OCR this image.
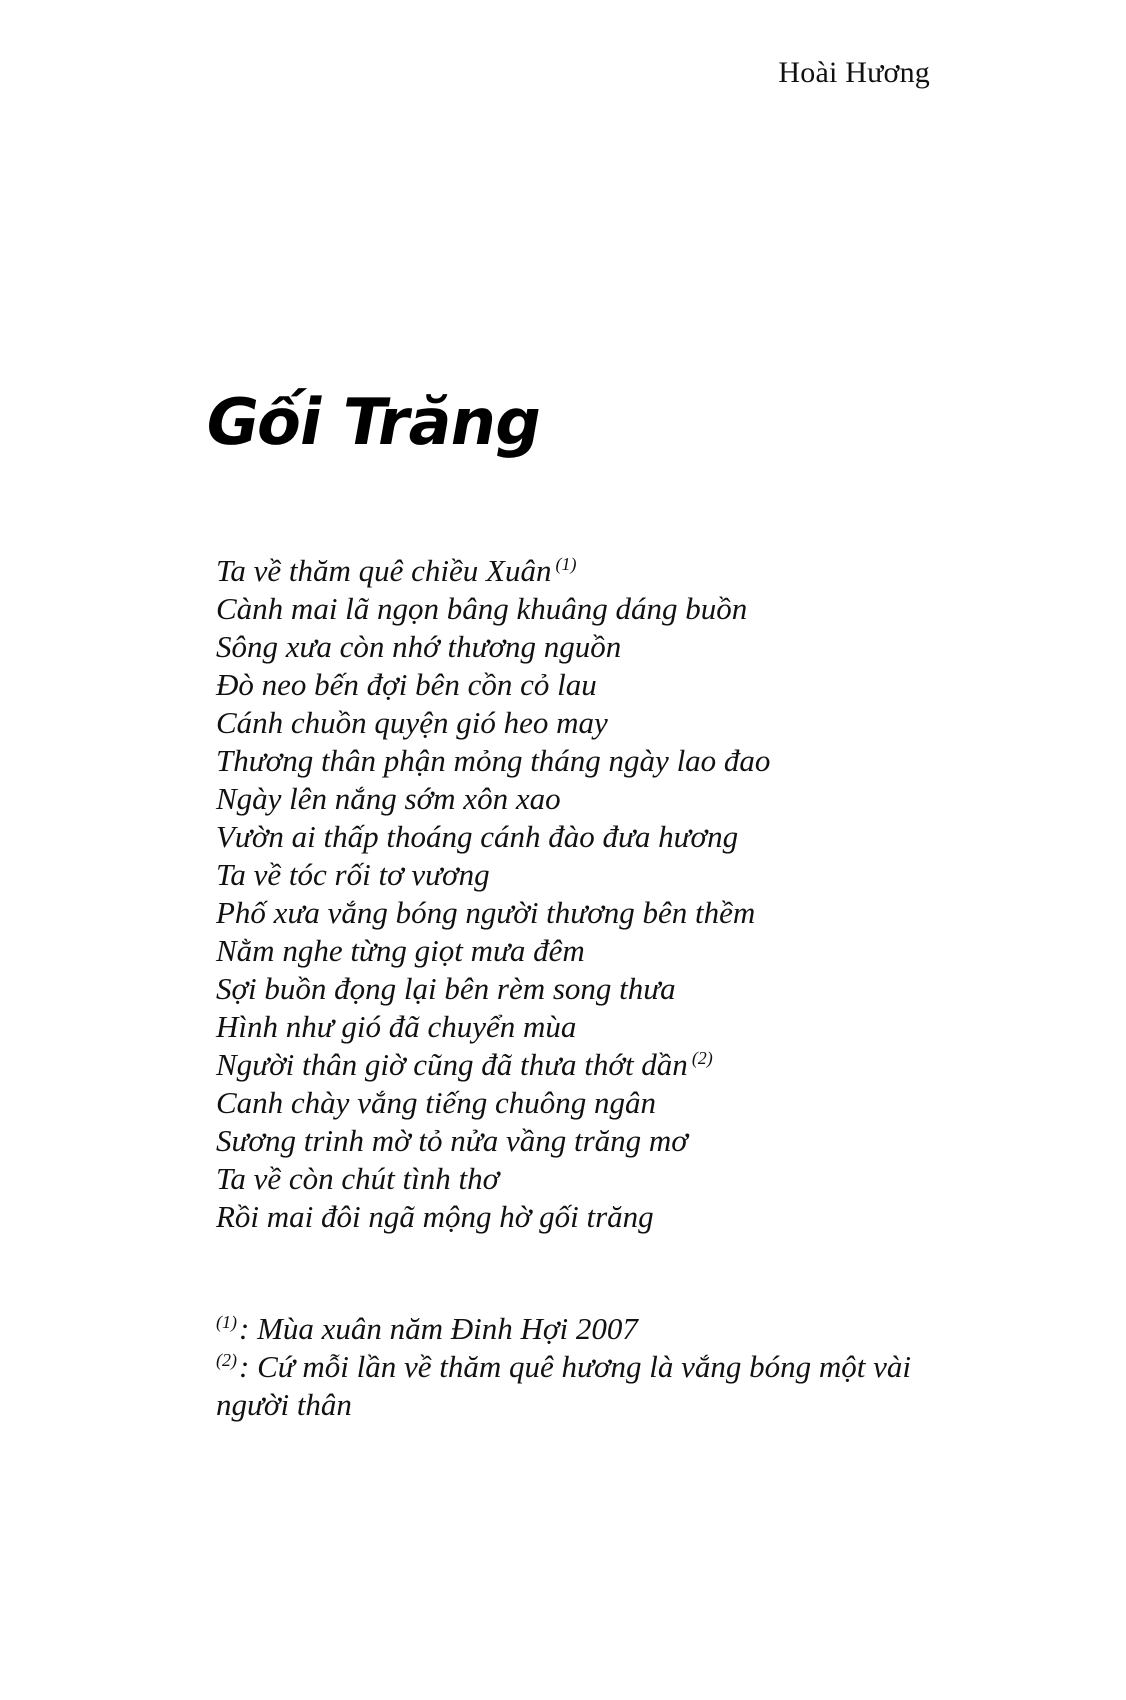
Hoài Hương
Gối Trăng
Ta về thăm quê chiều Xuân $^{(1)}$
Cành mai lã ngọn bâng khuâng dáng buồn
Sông xưa còn nhớ thương nguồn
Đò neo bến đợi bên cồn cỏ lau
Cánh chuồn quyện gió heo may
Thương thân phận mỏng tháng ngày lao đao
Ngày lên nắng sớm xôn xao
Vườn ai thấp thoáng cánh đào đưa hương
Ta về tóc rối tơ vương
Phố xưa vắng bóng người thương bên thềm
Nằm nghe từng giọt mưa đêm
Sợi buồn đọng lại bên rèm song thưa
Hình như gió đã chuyển mùa
Người thân giờ cũng đã thưa thớt dần $^{(2)}$
Canh chày vắng tiếng chuông ngân
Sương trinh mờ tỏ nửa vầng trăng mơ
Ta về còn chút tình thơ
Rồi mai đôi ngã mộng hờ gối trăng
$^{(1)}$: Mùa xuân năm Đinh Hợi 2007
$^{(2)}$: Cứ mỗi lần về thăm quê hương là vắng bóng một vài người thân
